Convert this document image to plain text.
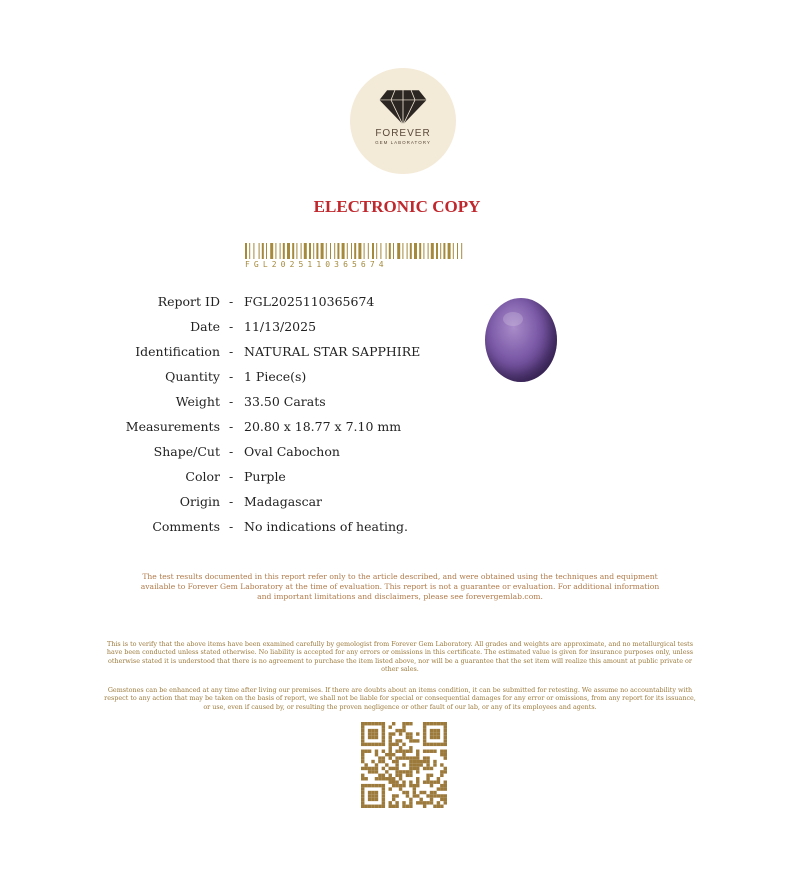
FOREVER
GEM LABORATORY
ELECTRONIC COPY
FGL2025110365674
Report ID - FGL2025110365674
Date - 11/13/2025
Identification - NATURAL STAR SAPPHIRE
Quantity - 1 Piece(s)
Weight - 33.50 Carats
Measurements - 20.80 x 18.77 x 7.10 mm
Shape/Cut - Oval Cabochon
Color - Purple
Origin - Madagascar
Comments - No indications of heating.
The test results documented in this report refer only to the article described, and were obtained using the techniques and equipment available to Forever Gem Laboratory at the time of evaluation. This report is not a guarantee or evaluation. For additional information and important limitations and disclaimers, please see forevergemlab.com.
This is to verify that the above items have been examined carefully by gemologist from Forever Gem Laboratory. All grades and weights are approximate, and no metallurgical tests have been conducted unless stated otherwise. No liability is accepted for any errors or omissions in this certificate. The estimated value is given for insurance purposes only, unless otherwise stated it is understood that there is no agreement to purchase the item listed above, nor will be a guarantee that the set item will realize this amount at public private or other sales.
Gemstones can be enhanced at any time after living our premises. If there are doubts about an items condition, it can be submitted for retesting. We assume no accountability with respect to any action that may be taken on the basis of report, we shall not be liable for special or consequential damages for any error or omissions, from any report for its issuance, or use, even if caused by, or resulting the proven negligence or other fault of our lab, or any of its employees and agents.
